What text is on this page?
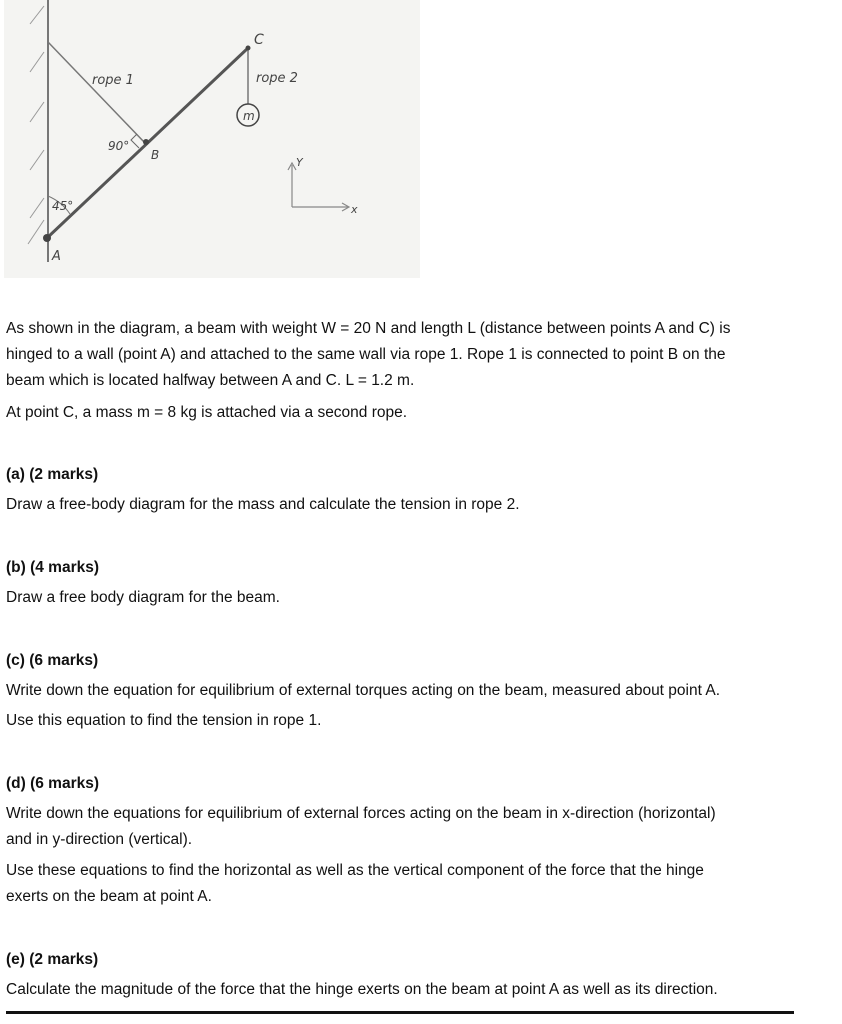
C
rope 1	rope 2
m
90°
B
45°
A
Y
x

As shown in the diagram, a beam with weight W = 20 N and length L (distance between points A and C) is
hinged to a wall (point A) and attached to the same wall via rope 1. Rope 1 is connected to point B on the
beam which is located halfway between A and C. L = 1.2 m.

At point C, a mass m = 8 kg is attached via a second rope.

(a) (2 marks)

Draw a free-body diagram for the mass and calculate the tension in rope 2.

(b) (4 marks)

Draw a free body diagram for the beam.

(c) (6 marks)

Write down the equation for equilibrium of external torques acting on the beam, measured about point A.

Use this equation to find the tension in rope 1.

(d) (6 marks)

Write down the equations for equilibrium of external forces acting on the beam in x-direction (horizontal)

and in y-direction (vertical).

Use these equations to find the horizontal as well as the vertical component of the force that the hinge

exerts on the beam at point A.

(e) (2 marks)

Calculate the magnitude of the force that the hinge exerts on the beam at point A as well as its direction.
